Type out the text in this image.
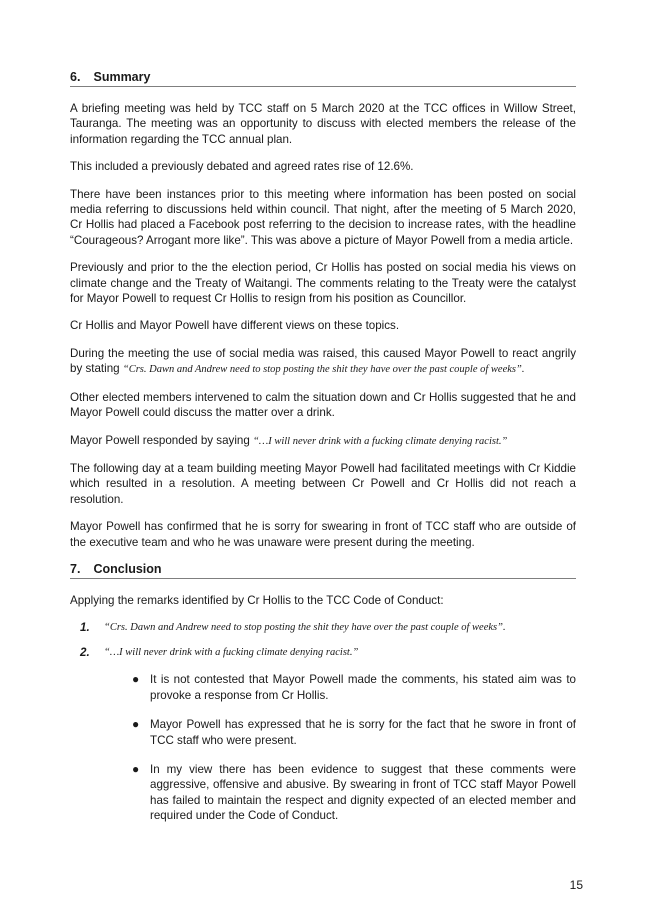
6. Summary

A briefing meeting was held by TCC staff on 5 March 2020 at the TCC offices in Willow Street, Tauranga. The meeting was an opportunity to discuss with elected members the release of the information regarding the TCC annual plan.

This included a previously debated and agreed rates rise of 12.6%.

There have been instances prior to this meeting where information has been posted on social media referring to discussions held within council. That night, after the meeting of 5 March 2020, Cr Hollis had placed a Facebook post referring to the decision to increase rates, with the headline “Courageous? Arrogant more like”. This was above a picture of Mayor Powell from a media article.

Previously and prior to the the election period, Cr Hollis has posted on social media his views on climate change and the Treaty of Waitangi. The comments relating to the Treaty were the catalyst for Mayor Powell to request Cr Hollis to resign from his position as Councillor.

Cr Hollis and Mayor Powell have different views on these topics.

During the meeting the use of social media was raised, this caused Mayor Powell to react angrily by stating “Crs. Dawn and Andrew need to stop posting the shit they have over the past couple of weeks”.

Other elected members intervened to calm the situation down and Cr Hollis suggested that he and Mayor Powell could discuss the matter over a drink.

Mayor Powell responded by saying “…I will never drink with a fucking climate denying racist.”

The following day at a team building meeting Mayor Powell had facilitated meetings with Cr Kiddie which resulted in a resolution. A meeting between Cr Powell and Cr Hollis did not reach a resolution.

Mayor Powell has confirmed that he is sorry for swearing in front of TCC staff who are outside of the executive team and who he was unaware were present during the meeting.

7. Conclusion

Applying the remarks identified by Cr Hollis to the TCC Code of Conduct:

1.	“Crs. Dawn and Andrew need to stop posting the shit they have over the past couple of weeks”.
2.	“…I will never drink with a fucking climate denying racist.”
● It is not contested that Mayor Powell made the comments, his stated aim was to provoke a response from Cr Hollis.
● Mayor Powell has expressed that he is sorry for the fact that he swore in front of TCC staff who were present.
● In my view there has been evidence to suggest that these comments were aggressive, offensive and abusive. By swearing in front of TCC staff Mayor Powell has failed to maintain the respect and dignity expected of an elected member and required under the Code of Conduct.
15
